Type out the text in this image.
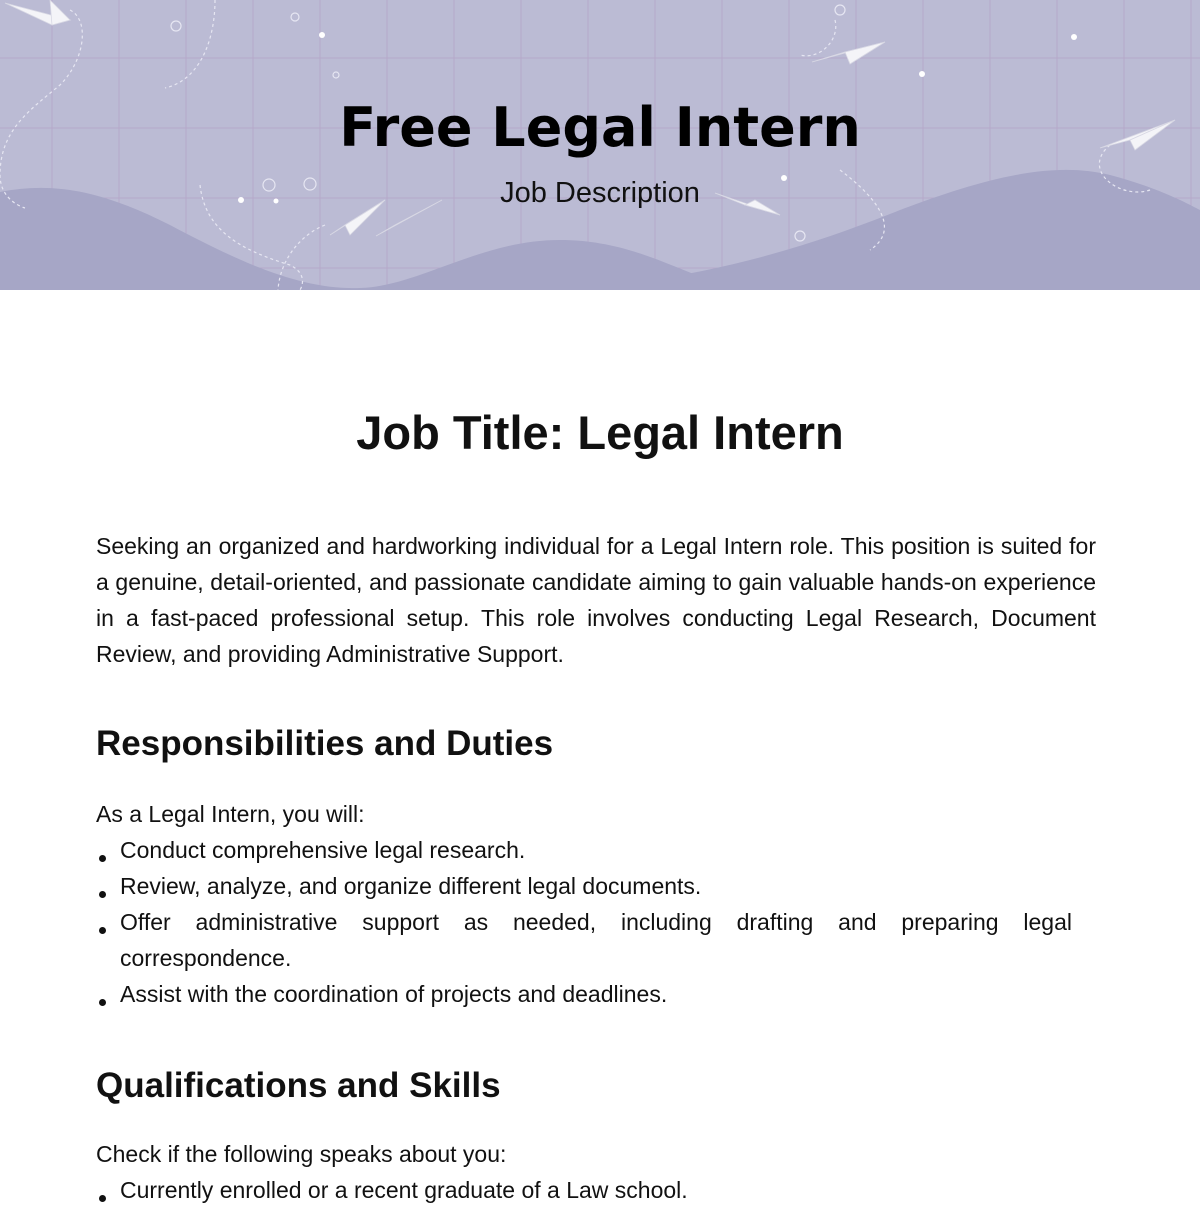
Free Legal Intern
Job Description
Job Title: Legal Intern

Seeking an organized and hardworking individual for a Legal Intern role. This position is suited for a genuine, detail-oriented, and passionate candidate aiming to gain valuable hands-on experience in a fast-paced professional setup. This role involves conducting Legal Research, Document Review, and providing Administrative Support.

Responsibilities and Duties

As a Legal Intern, you will:

Conduct comprehensive legal research.
Review, analyze, and organize different legal documents.
Offer administrative support as needed, including drafting and preparing legal correspondence.
Assist with the coordination of projects and deadlines.
Qualifications and Skills

Check if the following speaks about you:

Currently enrolled or a recent graduate of a Law school.
